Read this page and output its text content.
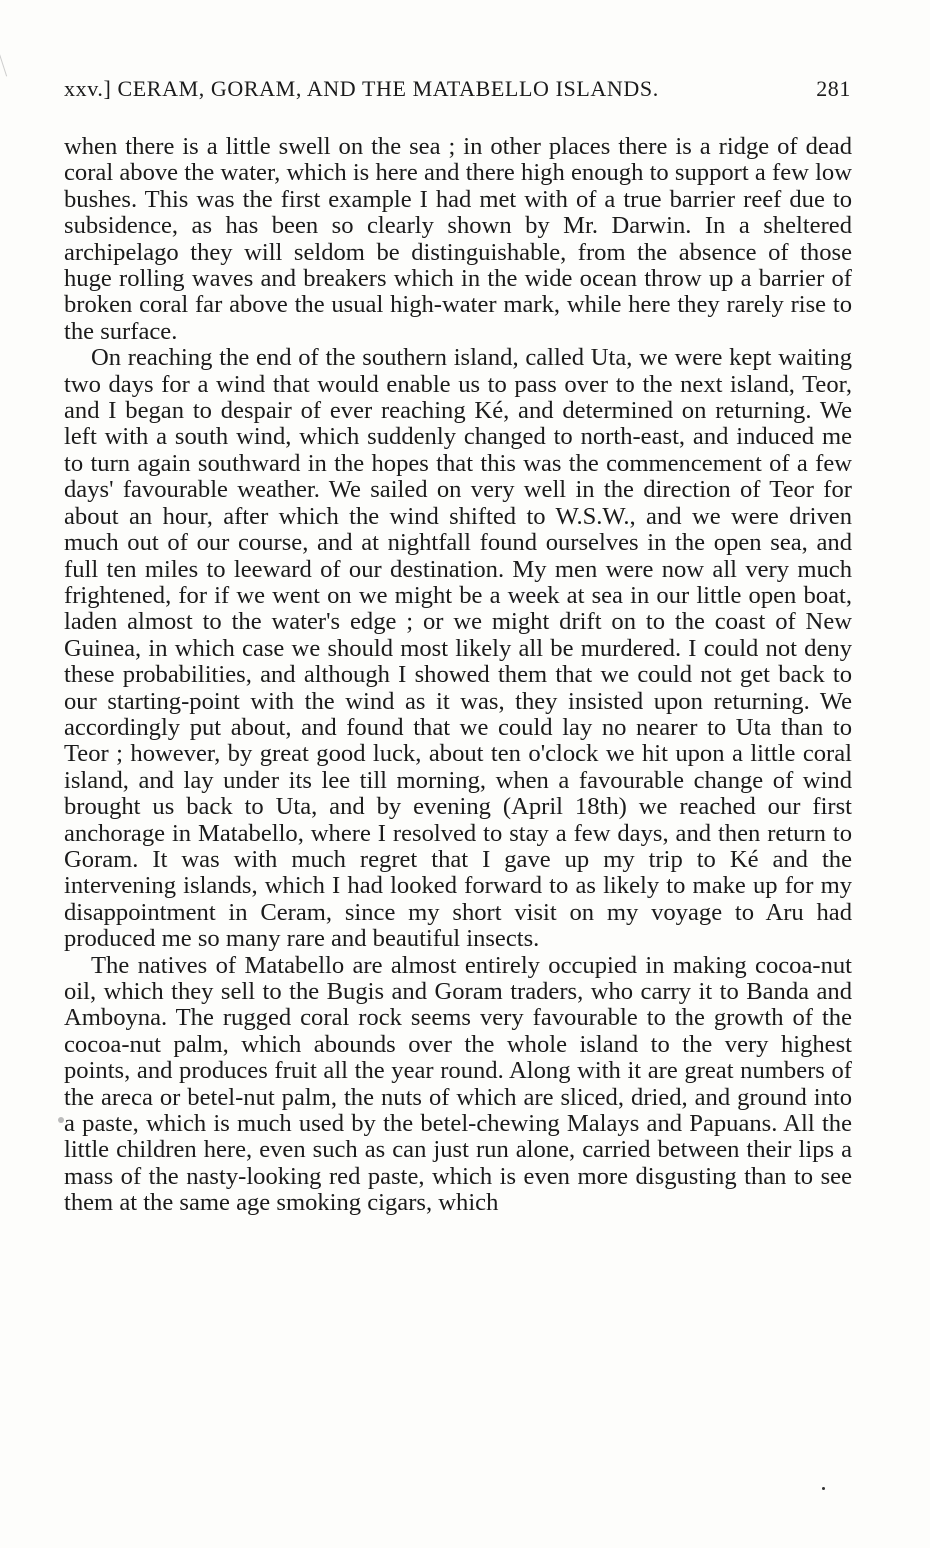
xxv.] CERAM, GORAM, AND THE MATABELLO ISLANDS.	281

when there is a little swell on the sea ; in other places there is a ridge of dead coral above the water, which is here and there high enough to support a few low bushes. This was the first example I had met with of a true barrier reef due to subsidence, as has been so clearly shown by Mr. Darwin. In a sheltered archipelago they will seldom be distinguishable, from the absence of those huge rolling waves and breakers which in the wide ocean throw up a barrier of broken coral far above the usual high-water mark, while here they rarely rise to the surface.

On reaching the end of the southern island, called Uta, we were kept waiting two days for a wind that would enable us to pass over to the next island, Teor, and I began to despair of ever reaching Ké, and determined on returning. We left with a south wind, which suddenly changed to north-east, and induced me to turn again southward in the hopes that this was the commencement of a few days' favourable weather. We sailed on very well in the direction of Teor for about an hour, after which the wind shifted to W.S.W., and we were driven much out of our course, and at nightfall found ourselves in the open sea, and full ten miles to leeward of our destination. My men were now all very much frightened, for if we went on we might be a week at sea in our little open boat, laden almost to the water's edge ; or we might drift on to the coast of New Guinea, in which case we should most likely all be murdered. I could not deny these probabilities, and although I showed them that we could not get back to our starting-point with the wind as it was, they insisted upon returning. We accordingly put about, and found that we could lay no nearer to Uta than to Teor ; however, by great good luck, about ten o'clock we hit upon a little coral island, and lay under its lee till morning, when a favourable change of wind brought us back to Uta, and by evening (April 18th) we reached our first anchorage in Matabello, where I resolved to stay a few days, and then return to Goram. It was with much regret that I gave up my trip to Ké and the intervening islands, which I had looked forward to as likely to make up for my disappointment in Ceram, since my short visit on my voyage to Aru had produced me so many rare and beautiful insects.

The natives of Matabello are almost entirely occupied in making cocoa-nut oil, which they sell to the Bugis and Goram traders, who carry it to Banda and Amboyna. The rugged coral rock seems very favourable to the growth of the cocoa-nut palm, which abounds over the whole island to the very highest points, and produces fruit all the year round. Along with it are great numbers of the areca or betel-nut palm, the nuts of which are sliced, dried, and ground into a paste, which is much used by the betel-chewing Malays and Papuans. All the little children here, even such as can just run alone, carried between their lips a mass of the nasty-looking red paste, which is even more disgusting than to see them at the same age smoking cigars, which
